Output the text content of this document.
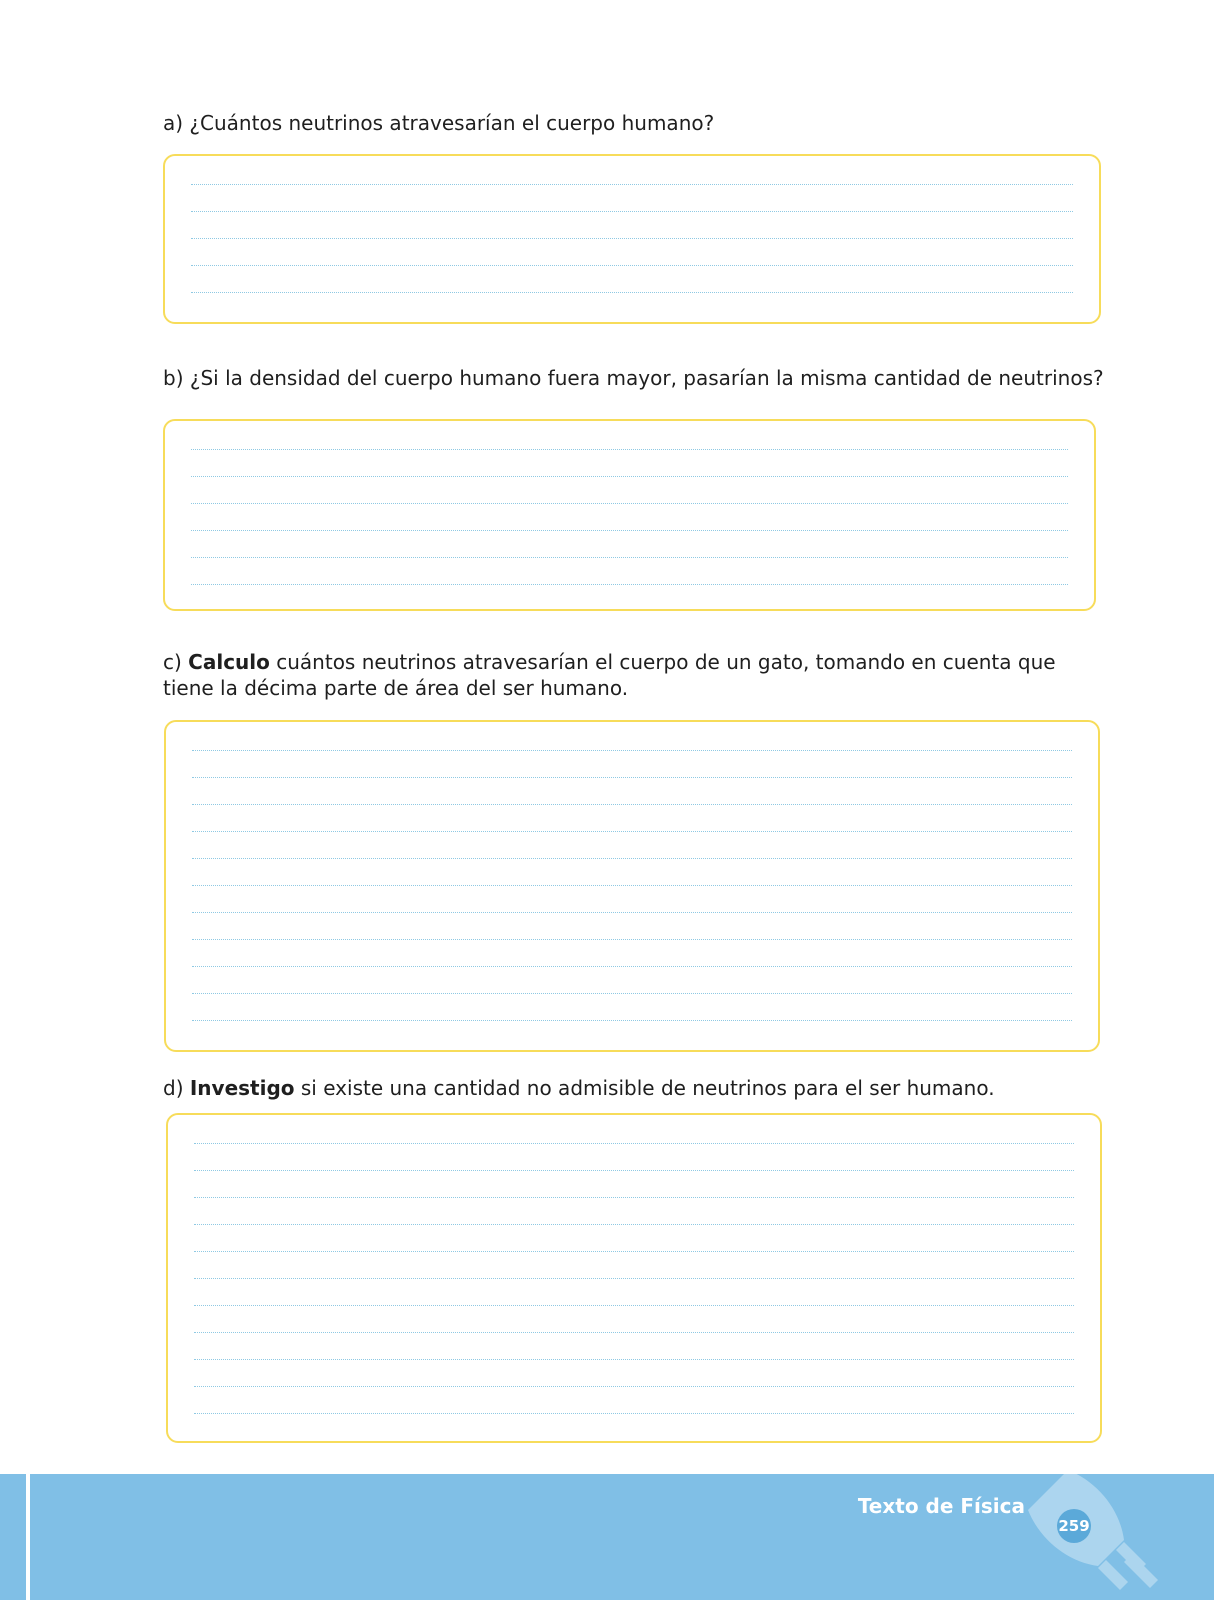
a) ¿Cuántos neutrinos atravesarían el cuerpo humano?

b) ¿Si la densidad del cuerpo humano fuera mayor, pasarían la misma cantidad de neutrinos?

c) Calculo cuántos neutrinos atravesarían el cuerpo de un gato, tomando en cuenta que tiene la décima parte de área del ser humano.

d) Investigo si existe una cantidad no admisible de neutrinos para el ser humano.

Texto de Física
259
